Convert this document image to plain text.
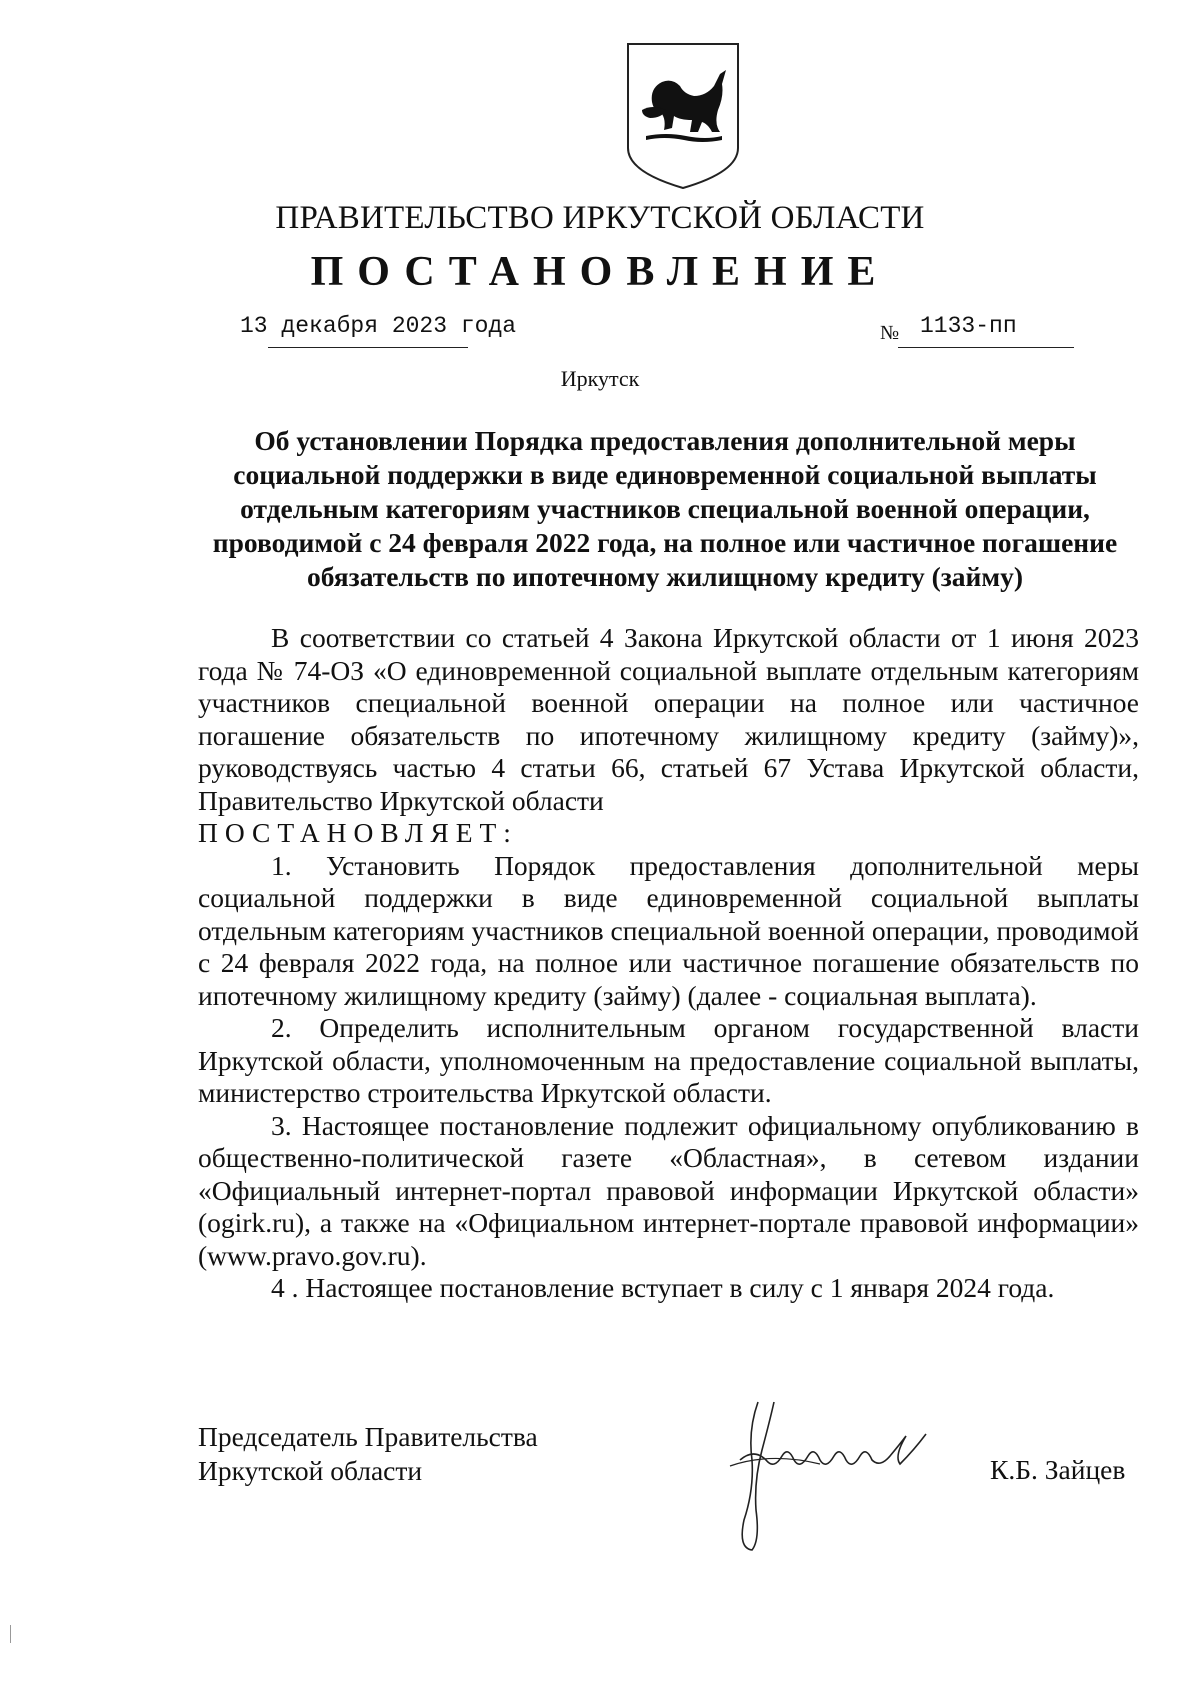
ПРАВИТЕЛЬСТВО ИРКУТСКОЙ ОБЛАСТИ
ПОСТАНОВЛЕНИЕ
13 декабря 2023 года	№ 1133-пп
Иркутск
Об установлении Порядка предоставления дополнительной меры социальной поддержки в виде единовременной социальной выплаты отдельным категориям участников специальной военной операции, проводимой с 24 февраля 2022 года, на полное или частичное погашение обязательств по ипотечному жилищному кредиту (займу)

В соответствии со статьей 4 Закона Иркутской области от 1 июня 2023 года № 74-ОЗ «О единовременной социальной выплате отдельным категориям участников специальной военной операции на полное или частичное погашение обязательств по ипотечному жилищному кредиту (займу)», руководствуясь частью 4 статьи 66, статьей 67 Устава Иркутской области, Правительство Иркутской области

ПОСТАНОВЛЯЕТ:

1. Установить Порядок предоставления дополнительной меры социальной поддержки в виде единовременной социальной выплаты отдельным категориям участников специальной военной операции, проводимой с 24 февраля 2022 года, на полное или частичное погашение обязательств по ипотечному жилищному кредиту (займу) (далее - социальная выплата).

2. Определить исполнительным органом государственной власти Иркутской области, уполномоченным на предоставление социальной выплаты, министерство строительства Иркутской области.

3. Настоящее постановление подлежит официальному опубликованию в общественно-политической газете «Областная», в сетевом издании «Официальный интернет-портал правовой информации Иркутской области» (ogirk.ru), а также на «Официальном интернет-портале правовой информации» (www.pravo.gov.ru).

4 . Настоящее постановление вступает в силу с 1 января 2024 года.

Председатель Правительства
Иркутской области	К.Б. Зайцев
